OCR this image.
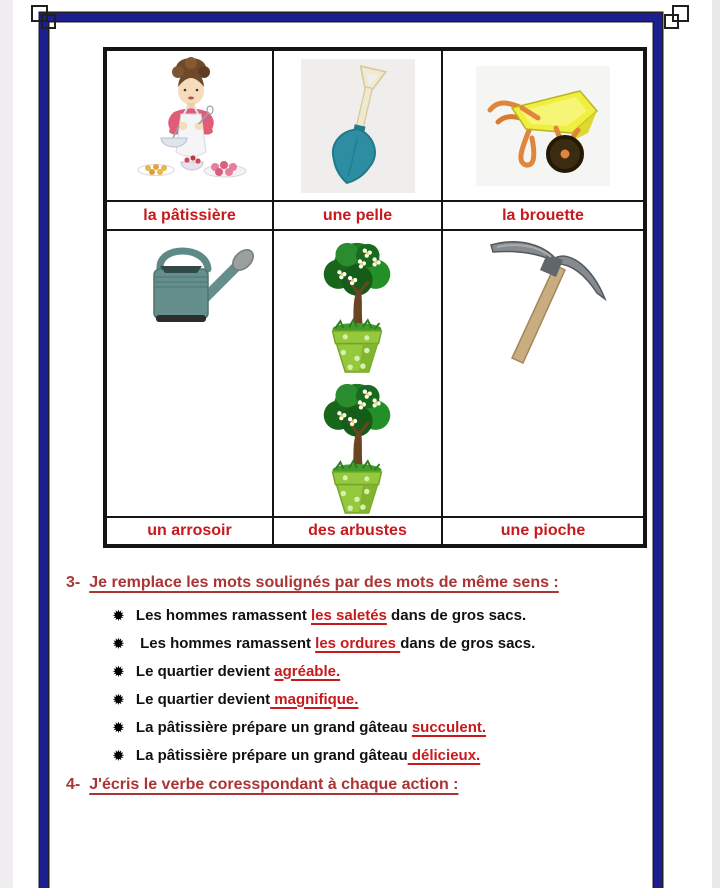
la pâtissière	une pelle	la brouette
un arrosoir	des arbustes	une pioche
3- Je remplace les mots soulignés par des mots de même sens :
✹ Les hommes ramassent les saletés dans de gros sacs.
✹ Les hommes ramassent les ordures dans de gros sacs.
✹ Le quartier devient agréable.
✹ Le quartier devient magnifique.
✹ La pâtissière prépare un grand gâteau succulent.
✹ La pâtissière prépare un grand gâteau délicieux.
4- J'écris le verbe coresspondant à chaque action :
